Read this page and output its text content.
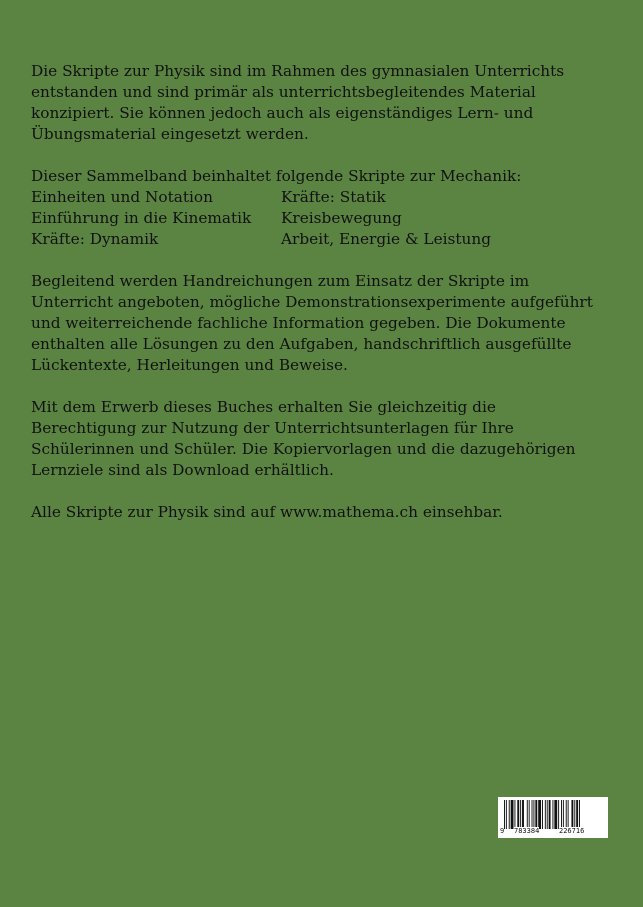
Die Skripte zur Physik sind im Rahmen des gymnasialen Unterrichts entstanden und sind primär als unterrichtsbegleitendes Material konzipiert. Sie können jedoch auch als eigenständiges Lern- und Übungsmaterial eingesetzt werden.

Dieser Sammelband beinhaltet folgende Skripte zur Mechanik:

Einheiten und Notation	Kräfte: Statik
Einführung in die Kinematik	Kreisbewegung
Kräfte: Dynamik	Arbeit, Energie & Leistung

Begleitend werden Handreichungen zum Einsatz der Skripte im Unterricht angeboten, mögliche Demonstrationsexperimente aufgeführt und weiterreichende fachliche Information gegeben. Die Dokumente enthalten alle Lösungen zu den Aufgaben, handschriftlich ausgefüllte Lückentexte, Herleitungen und Beweise.

Mit dem Erwerb dieses Buches erhalten Sie gleichzeitig die Berechtigung zur Nutzung der Unterrichtsunterlagen für Ihre Schülerinnen und Schüler. Die Kopiervorlagen und die dazugehörigen Lernziele sind als Download erhältlich.

Alle Skripte zur Physik sind auf www.mathema.ch einsehbar.

9 783384	226716
